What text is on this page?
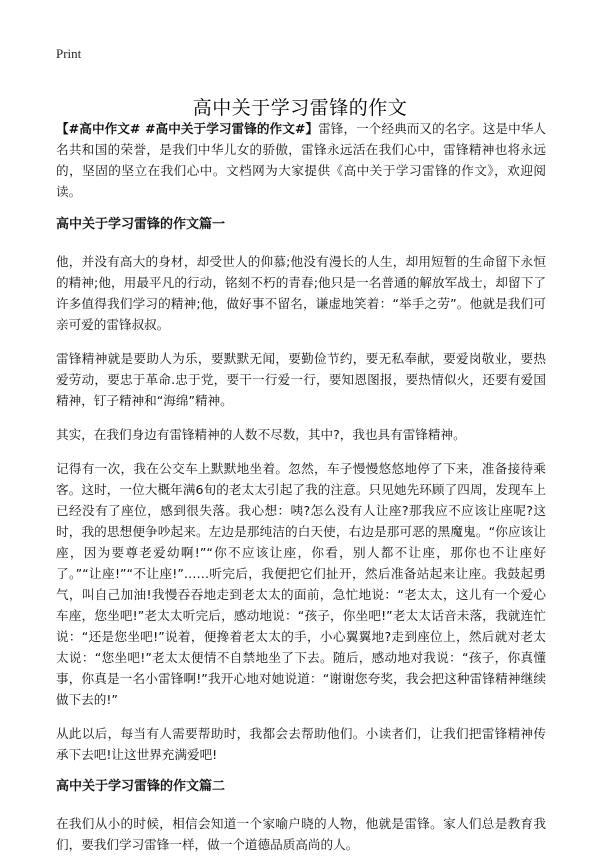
Print
高中关于学习雷锋的作文

【#高中作文# #高中关于学习雷锋的作文#】雷锋，一个经典而又的名字。这是中华人名共和国的荣誉，是我们中华儿女的骄傲，雷锋永远活在我们心中，雷锋精神也将永远的，坚固的坚立在我们心中。文档网为大家提供《高中关于学习雷锋的作文》，欢迎阅读。

高中关于学习雷锋的作文篇一

他，并没有高大的身材，却受世人的仰慕;他没有漫长的人生，却用短暂的生命留下永恒的精神;他，用最平凡的行动，铭刻不朽的青春;他只是一名普通的解放军战士，却留下了许多值得我们学习的精神;他，做好事不留名，谦虚地笑着：“举手之劳”。他就是我们可亲可爱的雷锋叔叔。

雷锋精神就是要助人为乐，要默默无闻，要勤俭节约，要无私奉献，要爱岗敬业，要热爱劳动，要忠于革命.忠于党，要干一行爱一行，要知恩图报，要热情似火，还要有爱国精神，钉子精神和“海绵”精神。

其实，在我们身边有雷锋精神的人数不尽数，其中?，我也具有雷锋精神。

记得有一次，我在公交车上默默地坐着。忽然，车子慢慢悠悠地停了下来，准备接待乘客。这时，一位大概年满6旬的老太太引起了我的注意。只见她先环顾了四周，发现车上已经没有了座位，感到很失落。我心想：咦?怎么没有人让座?那我应不应该让座呢?这时，我的思想便争吵起来。左边是那纯洁的白天使，右边是那可恶的黑魔鬼。“你应该让座，因为要尊老爱幼啊!”“你不应该让座，你看，别人都不让座，那你也不让座好了。”“让座!”“不让座!”……听完后，我便把它们扯开，然后准备站起来让座。我鼓起勇气，叫自己加油!我慢吞吞地走到老太太的面前，急忙地说：“老太太，这儿有一个爱心车座，您坐吧!”老太太听完后，感动地说：“孩子，你坐吧!”老太太话音未落，我就连忙说：“还是您坐吧!”说着，便搀着老太太的手，小心翼翼地?走到座位上，然后就对老太太说：“您坐吧!”老太太便情不自禁地坐了下去。随后，感动地对我说：“孩子，你真懂事，你真是一名小雷锋啊!”我开心地对她说道：“谢谢您夸奖，我会把这种雷锋精神继续做下去的!”

从此以后，每当有人需要帮助时，我都会去帮助他们。小读者们，让我们把雷锋精神传承下去吧!让这世界充满爱吧!

高中关于学习雷锋的作文篇二

在我们从小的时候，相信会知道一个家喻户晓的人物，他就是雷锋。家人们总是教育我们，要我们学习雷锋一样，做一个道德品质高尚的人。
